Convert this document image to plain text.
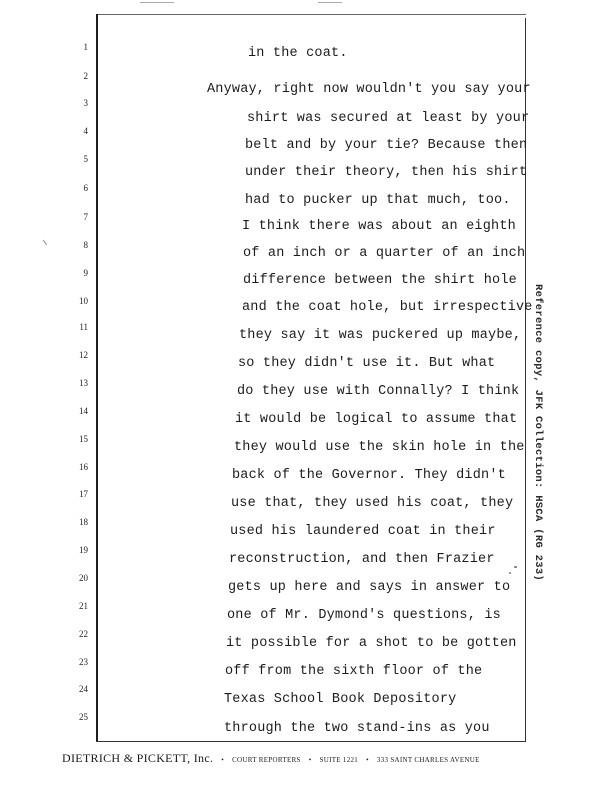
1
2
3
4
5
6
7
8
9
10
11
12
13
14
15
16
17
18
19
20
21
22
23
24
25
in the coat.
Anyway, right now wouldn't you say your
shirt was secured at least by your
belt and by your tie? Because then
under their theory, then his shirt
had to pucker up that much, too.
I think there was about an eighth
of an inch or a quarter of an inch
difference between the shirt hole
and the coat hole, but irrespective
they say it was puckered up maybe,
so they didn't use it. But what
do they use with Connally? I think
it would be logical to assume that
they would use the skin hole in the
back of the Governor. They didn't
use that, they used his coat, they
used his laundered coat in their
reconstruction, and then Frazier
gets up here and says in answer to
one of Mr. Dymond's questions, is
it possible for a shot to be gotten
off from the sixth floor of the
Texas School Book Depository
through the two stand-ins as you
Reference copy, JFK Collection: HSCA (RG 233)
DIETRICH & PICKETT, Inc. • COURT REPORTERS • SUITE 1221 • 333 SAINT CHARLES AVENUE
